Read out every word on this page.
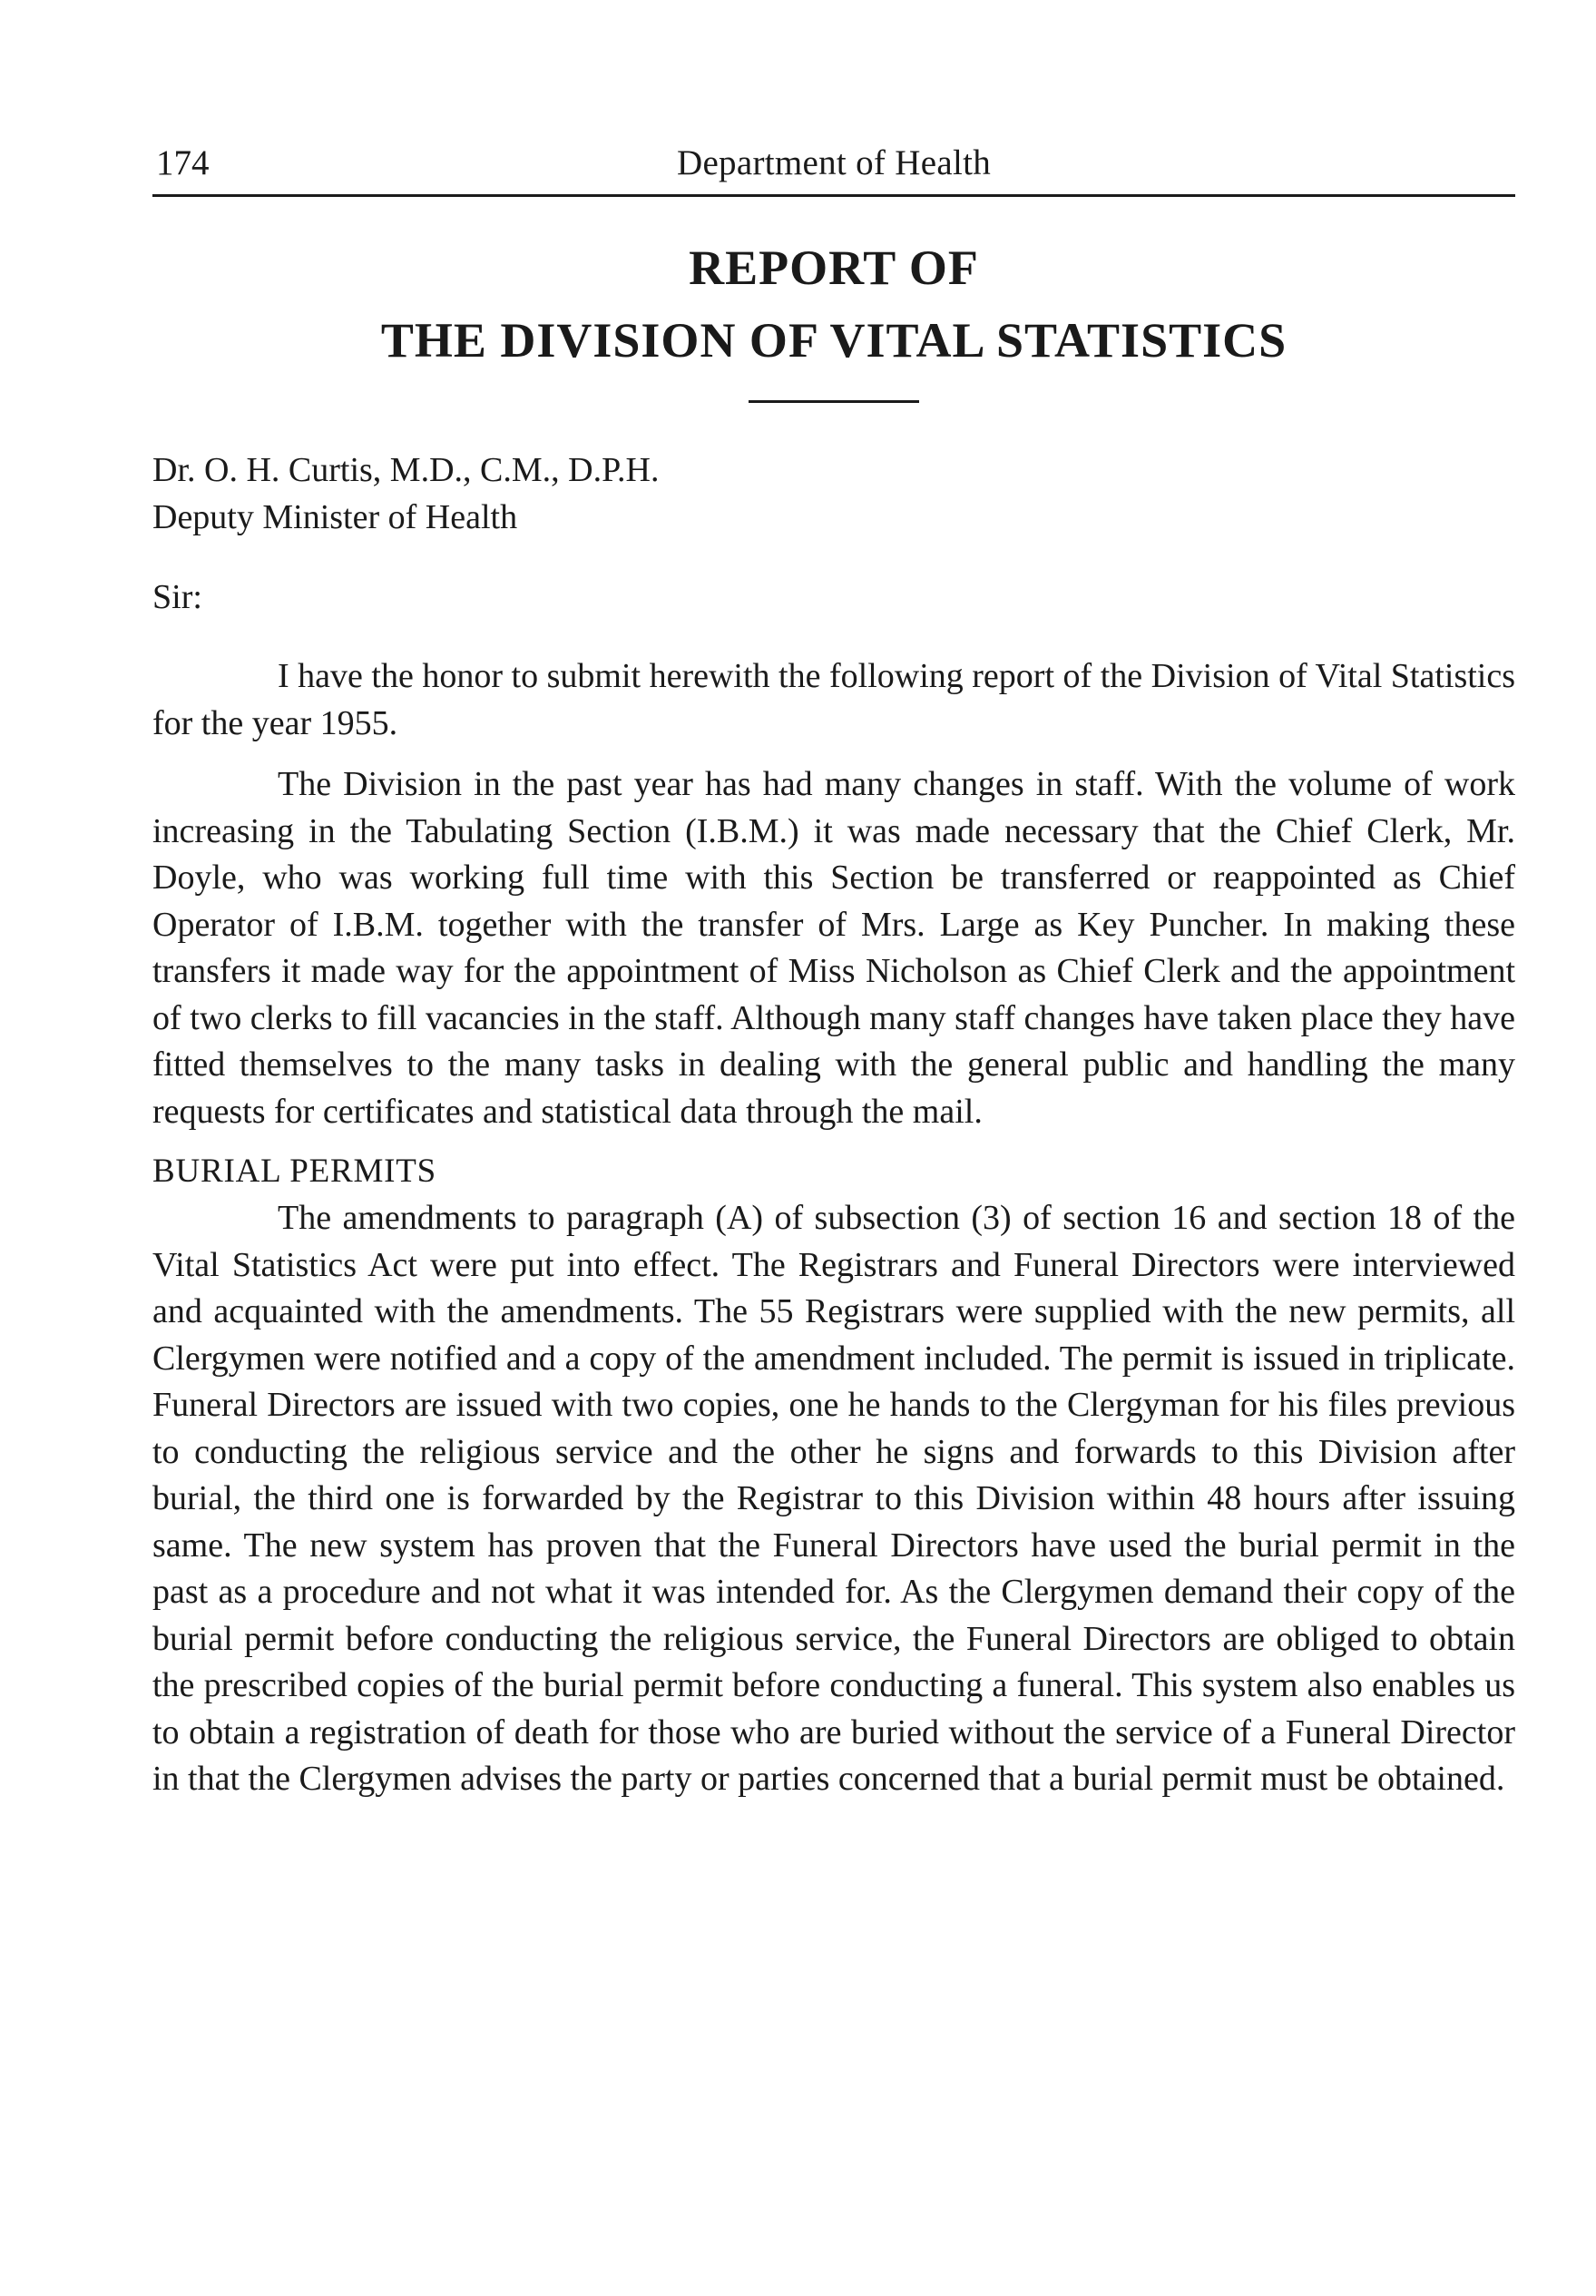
174	Department of Health
REPORT OF
THE DIVISION OF VITAL STATISTICS
Dr. O. H. Curtis, M.D., C.M., D.P.H.
Deputy Minister of Health
Sir:

I have the honor to submit herewith the following report of the Division of Vital Statistics for the year 1955.

The Division in the past year has had many changes in staff. With the volume of work increasing in the Tabulating Section (I.B.M.) it was made necessary that the Chief Clerk, Mr. Doyle, who was working full time with this Section be transferred or reappointed as Chief Operator of I.B.M. together with the transfer of Mrs. Large as Key Puncher. In making these transfers it made way for the appointment of Miss Nicholson as Chief Clerk and the appointment of two clerks to fill vacancies in the staff. Although many staff changes have taken place they have fitted themselves to the many tasks in dealing with the general public and handling the many requests for certificates and statistical data through the mail.

BURIAL PERMITS

The amendments to paragraph (A) of subsection (3) of section 16 and section 18 of the Vital Statistics Act were put into effect. The Registrars and Funeral Directors were interviewed and acquainted with the amendments. The 55 Registrars were supplied with the new permits, all Clergymen were notified and a copy of the amendment included. The permit is issued in triplicate. Funeral Directors are issued with two copies, one he hands to the Clergyman for his files previous to conducting the religious service and the other he signs and forwards to this Division after burial, the third one is forwarded by the Registrar to this Division within 48 hours after issuing same. The new system has proven that the Funeral Directors have used the burial permit in the past as a procedure and not what it was intended for. As the Clergymen demand their copy of the burial permit before conducting the religious service, the Funeral Directors are obliged to obtain the prescribed copies of the burial permit before conducting a funeral. This system also enables us to obtain a registration of death for those who are buried without the service of a Funeral Director in that the Clergymen advises the party or parties concerned that a burial permit must be obtained.
